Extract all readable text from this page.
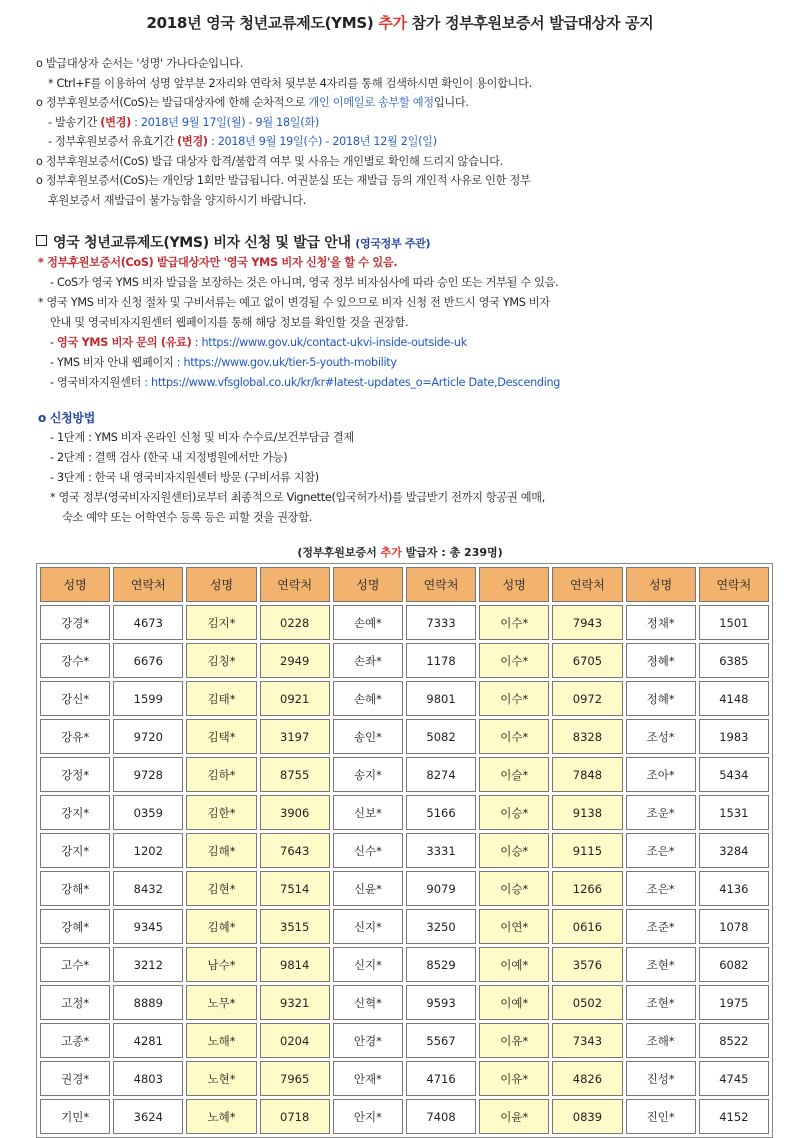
2018년 영국 청년교류제도(YMS) 추가 참가 정부후원보증서 발급대상자 공지
o 발급대상자 순서는 '성명' 가나다순입니다.
* Ctrl+F를 이용하여 성명 앞부분 2자리와 연락처 뒷부분 4자리를 통해 검색하시면 확인이 용이합니다.
o 정부후원보증서(CoS)는 발급대상자에 한해 순차적으로 개인 이메일로 송부할 예정입니다.
- 발송기간 (변경) : 2018년 9월 17일(월) - 9월 18일(화)
- 정부후원보증서 유효기간 (변경) : 2018년 9월 19일(수) - 2018년 12월 2일(일)
o 정부후원보증서(CoS) 발급 대상자 합격/불합격 여부 및 사유는 개인별로 확인해 드리지 않습니다.
o 정부후원보증서(CoS)는 개인당 1회만 발급됩니다. 여권분실 또는 재발급 등의 개인적 사유로 인한 정부
후원보증서 재발급이 불가능함을 양지하시기 바랍니다.
영국 청년교류제도(YMS) 비자 신청 및 발급 안내 (영국정부 주관)
* 정부후원보증서(CoS) 발급대상자만 '영국 YMS 비자 신청'을 할 수 있음.
- CoS가 영국 YMS 비자 발급을 보장하는 것은 아니며, 영국 정부 비자심사에 따라 승인 또는 거부될 수 있음.
* 영국 YMS 비자 신청 절차 및 구비서류는 예고 없이 변경될 수 있으므로 비자 신청 전 반드시 영국 YMS 비자
안내 및 영국비자지원센터 웹페이지를 통해 해당 정보를 확인할 것을 권장함.
- 영국 YMS 비자 문의 (유료) : https://www.gov.uk/contact-ukvi-inside-outside-uk
- YMS 비자 안내 웹페이지 : https://www.gov.uk/tier-5-youth-mobility
- 영국비자지원센터 : https://www.vfsglobal.co.uk/kr/kr#latest-updates_o=Article Date,Descending
o 신청방법
- 1단계 : YMS 비자 온라인 신청 및 비자 수수료/보건부담금 결제
- 2단계 : 결핵 검사 (한국 내 지정병원에서만 가능)
- 3단계 : 한국 내 영국비자지원센터 방문 (구비서류 지참)
* 영국 정부(영국비자지원센터)로부터 최종적으로 Vignette(입국허가서)를 발급받기 전까지 항공권 예매,
숙소 예약 또는 어학연수 등록 등은 피할 것을 권장함.
(정부후원보증서 추가 발급자 : 총 239명)
성명	연락처	성명	연락처	성명	연락처	성명	연락처	성명	연락처
강경*	4673	김지*	0228	손예*	7333	이수*	7943	정채*	1501
강수*	6676	김칭*	2949	손좌*	1178	이수*	6705	정혜*	6385
강신*	1599	김태*	0921	손혜*	9801	이수*	0972	정혜*	4148
강유*	9720	김택*	3197	송인*	5082	이수*	8328	조성*	1983
강정*	9728	김하*	8755	송지*	8274	이슬*	7848	조아*	5434
강지*	0359	김한*	3906	신보*	5166	이승*	9138	조운*	1531
강지*	1202	김해*	7643	신수*	3331	이승*	9115	조은*	3284
강해*	8432	김현*	7514	신윤*	9079	이승*	1266	조은*	4136
강혜*	9345	김혜*	3515	신지*	3250	이연*	0616	조준*	1078
고수*	3212	남수*	9814	신지*	8529	이예*	3576	조현*	6082
고정*	8889	노무*	9321	신혁*	9593	이예*	0502	조현*	1975
고종*	4281	노해*	0204	안경*	5567	이유*	7343	조해*	8522
권경*	4803	노현*	7965	안재*	4716	이유*	4826	진성*	4745
기민*	3624	노혜*	0718	안지*	7408	이윤*	0839	진인*	4152
